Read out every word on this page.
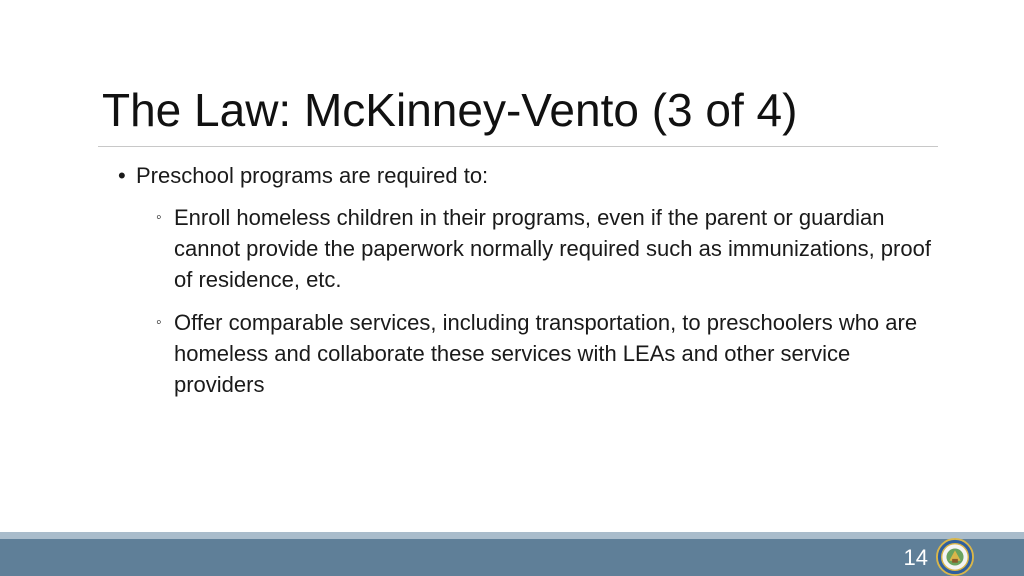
The Law: McKinney-Vento (3 of 4)
• Preschool programs are required to:
◦ Enroll homeless children in their programs, even if the parent or guardian cannot provide the paperwork normally required such as immunizations, proof of residence, etc.
◦ Offer comparable services, including transportation, to preschoolers who are homeless and collaborate these services with LEAs and other service providers
14
